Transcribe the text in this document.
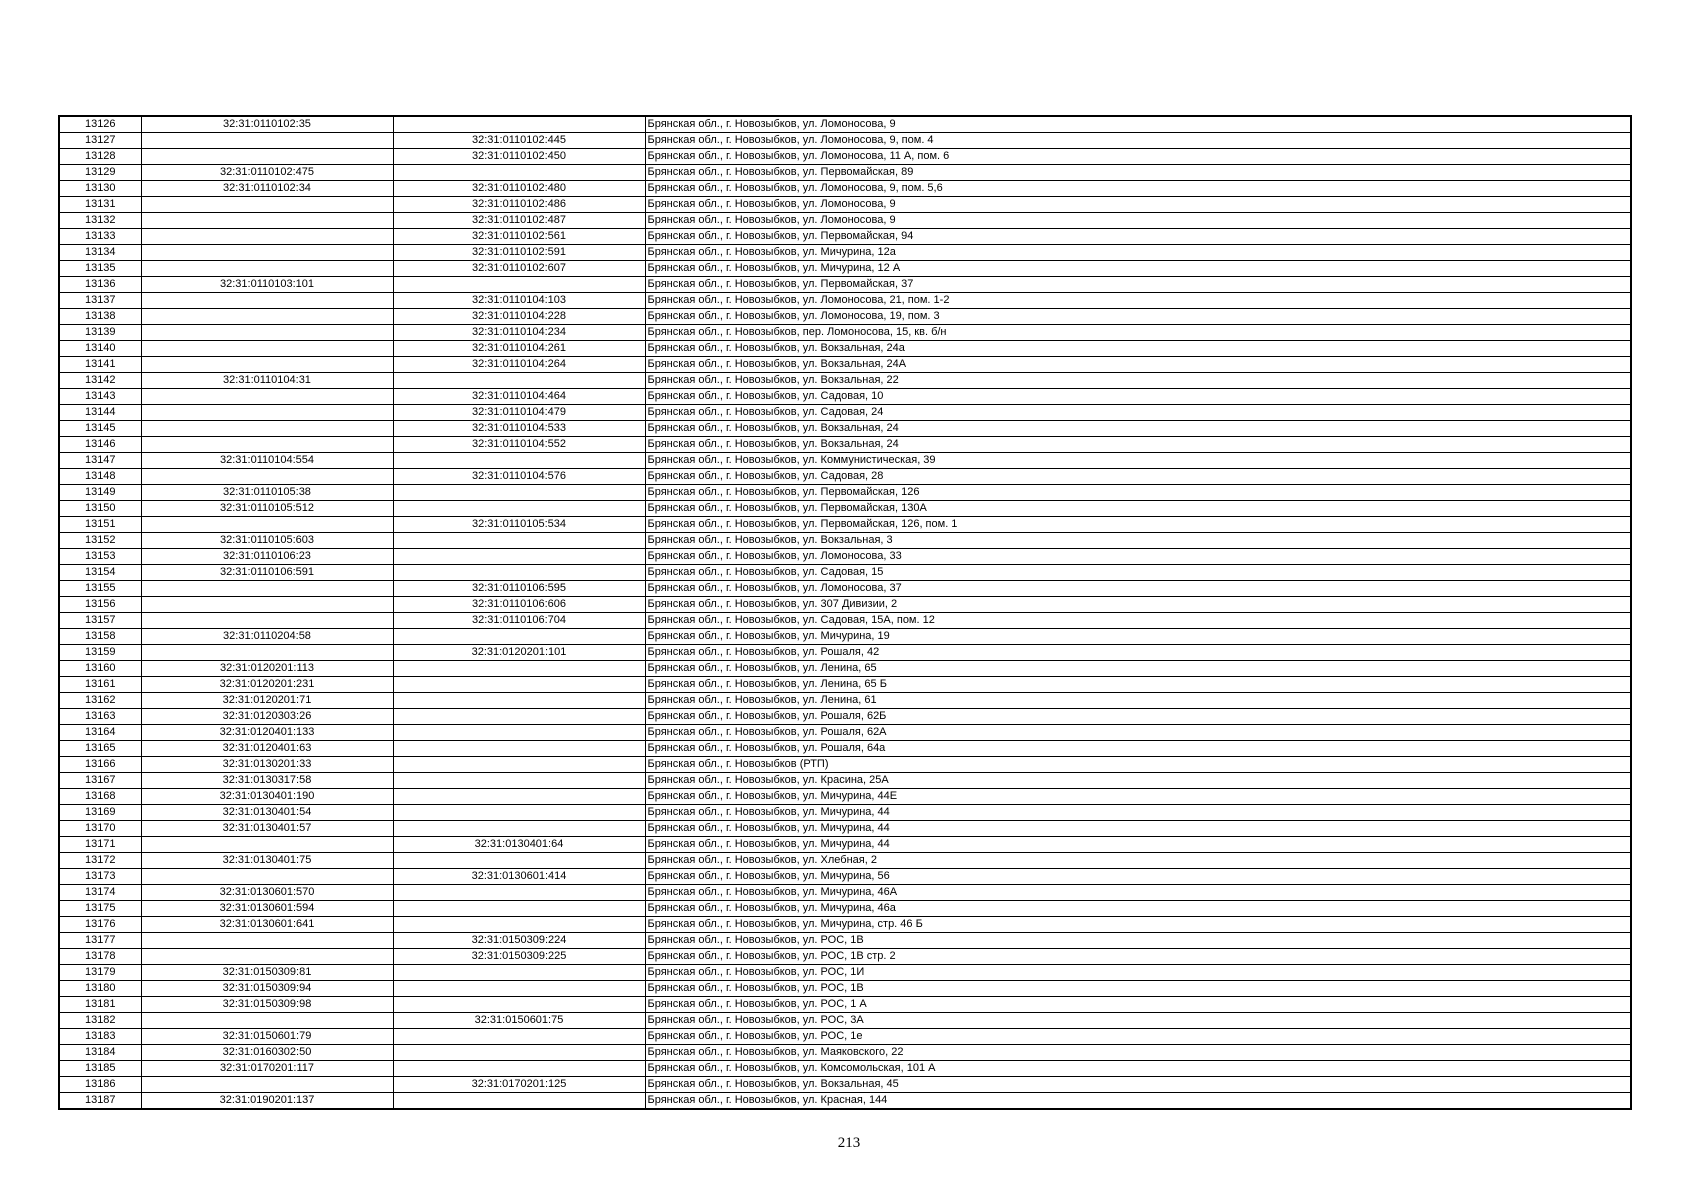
13126	32:31:0110102:35		Брянская обл., г. Новозыбков, ул. Ломоносова, 9
13127		32:31:0110102:445	Брянская обл., г. Новозыбков, ул. Ломоносова, 9, пом. 4
13128		32:31:0110102:450	Брянская обл., г. Новозыбков, ул. Ломоносова, 11 А, пом. 6
13129	32:31:0110102:475		Брянская обл., г. Новозыбков, ул. Первомайская, 89
13130	32:31:0110102:34	32:31:0110102:480	Брянская обл., г. Новозыбков, ул. Ломоносова, 9, пом. 5,6
13131		32:31:0110102:486	Брянская обл., г. Новозыбков, ул. Ломоносова, 9
13132		32:31:0110102:487	Брянская обл., г. Новозыбков, ул. Ломоносова, 9
13133		32:31:0110102:561	Брянская обл., г. Новозыбков, ул. Первомайская, 94
13134		32:31:0110102:591	Брянская обл., г. Новозыбков, ул. Мичурина, 12а
13135		32:31:0110102:607	Брянская обл., г. Новозыбков, ул. Мичурина, 12 А
13136	32:31:0110103:101		Брянская обл., г. Новозыбков, ул. Первомайская, 37
13137		32:31:0110104:103	Брянская обл., г. Новозыбков, ул. Ломоносова, 21, пом. 1-2
13138		32:31:0110104:228	Брянская обл., г. Новозыбков, ул. Ломоносова, 19, пом. 3
13139		32:31:0110104:234	Брянская обл., г. Новозыбков, пер. Ломоносова, 15, кв. б/н
13140		32:31:0110104:261	Брянская обл., г. Новозыбков, ул. Вокзальная, 24а
13141		32:31:0110104:264	Брянская обл., г. Новозыбков, ул. Вокзальная, 24А
13142	32:31:0110104:31		Брянская обл., г. Новозыбков, ул. Вокзальная, 22
13143		32:31:0110104:464	Брянская обл., г. Новозыбков, ул. Садовая, 10
13144		32:31:0110104:479	Брянская обл., г. Новозыбков, ул. Садовая, 24
13145		32:31:0110104:533	Брянская обл., г. Новозыбков, ул. Вокзальная, 24
13146		32:31:0110104:552	Брянская обл., г. Новозыбков, ул. Вокзальная, 24
13147	32:31:0110104:554		Брянская обл., г. Новозыбков, ул. Коммунистическая, 39
13148		32:31:0110104:576	Брянская обл., г. Новозыбков, ул. Садовая, 28
13149	32:31:0110105:38		Брянская обл., г. Новозыбков, ул. Первомайская, 126
13150	32:31:0110105:512		Брянская обл., г. Новозыбков, ул. Первомайская, 130А
13151		32:31:0110105:534	Брянская обл., г. Новозыбков, ул. Первомайская, 126, пом. 1
13152	32:31:0110105:603		Брянская обл., г. Новозыбков, ул. Вокзальная, 3
13153	32:31:0110106:23		Брянская обл., г. Новозыбков, ул. Ломоносова, 33
13154	32:31:0110106:591		Брянская обл., г. Новозыбков, ул. Садовая, 15
13155		32:31:0110106:595	Брянская обл., г. Новозыбков, ул. Ломоносова, 37
13156		32:31:0110106:606	Брянская обл., г. Новозыбков, ул. 307 Дивизии, 2
13157		32:31:0110106:704	Брянская обл., г. Новозыбков, ул. Садовая, 15А, пом. 12
13158	32:31:0110204:58		Брянская обл., г. Новозыбков, ул. Мичурина, 19
13159		32:31:0120201:101	Брянская обл., г. Новозыбков, ул. Рошаля, 42
13160	32:31:0120201:113		Брянская обл., г. Новозыбков, ул. Ленина, 65
13161	32:31:0120201:231		Брянская обл., г. Новозыбков, ул. Ленина, 65 Б
13162	32:31:0120201:71		Брянская обл., г. Новозыбков, ул. Ленина, 61
13163	32:31:0120303:26		Брянская обл., г. Новозыбков, ул. Рошаля, 62Б
13164	32:31:0120401:133		Брянская обл., г. Новозыбков, ул. Рошаля, 62А
13165	32:31:0120401:63		Брянская обл., г. Новозыбков, ул. Рошаля, 64а
13166	32:31:0130201:33		Брянская обл., г. Новозыбков (РТП)
13167	32:31:0130317:58		Брянская обл., г. Новозыбков, ул. Красина, 25А
13168	32:31:0130401:190		Брянская обл., г. Новозыбков, ул. Мичурина, 44Е
13169	32:31:0130401:54		Брянская обл., г. Новозыбков, ул. Мичурина, 44
13170	32:31:0130401:57		Брянская обл., г. Новозыбков, ул. Мичурина, 44
13171		32:31:0130401:64	Брянская обл., г. Новозыбков, ул. Мичурина, 44
13172	32:31:0130401:75		Брянская обл., г. Новозыбков, ул. Хлебная, 2
13173		32:31:0130601:414	Брянская обл., г. Новозыбков, ул. Мичурина, 56
13174	32:31:0130601:570		Брянская обл., г. Новозыбков, ул. Мичурина, 46А
13175	32:31:0130601:594		Брянская обл., г. Новозыбков, ул. Мичурина, 46а
13176	32:31:0130601:641		Брянская обл., г. Новозыбков, ул. Мичурина, стр. 46 Б
13177		32:31:0150309:224	Брянская обл., г. Новозыбков, ул. РОС, 1В
13178		32:31:0150309:225	Брянская обл., г. Новозыбков, ул. РОС, 1В стр. 2
13179	32:31:0150309:81		Брянская обл., г. Новозыбков, ул. РОС, 1И
13180	32:31:0150309:94		Брянская обл., г. Новозыбков, ул. РОС, 1В
13181	32:31:0150309:98		Брянская обл., г. Новозыбков, ул. РОС, 1 А
13182		32:31:0150601:75	Брянская обл., г. Новозыбков, ул. РОС, 3А
13183	32:31:0150601:79		Брянская обл., г. Новозыбков, ул. РОС, 1е
13184	32:31:0160302:50		Брянская обл., г. Новозыбков, ул. Маяковского, 22
13185	32:31:0170201:117		Брянская обл., г. Новозыбков, ул. Комсомольская, 101 А
13186		32:31:0170201:125	Брянская обл., г. Новозыбков, ул. Вокзальная, 45
13187	32:31:0190201:137		Брянская обл., г. Новозыбков, ул. Красная, 144
213
